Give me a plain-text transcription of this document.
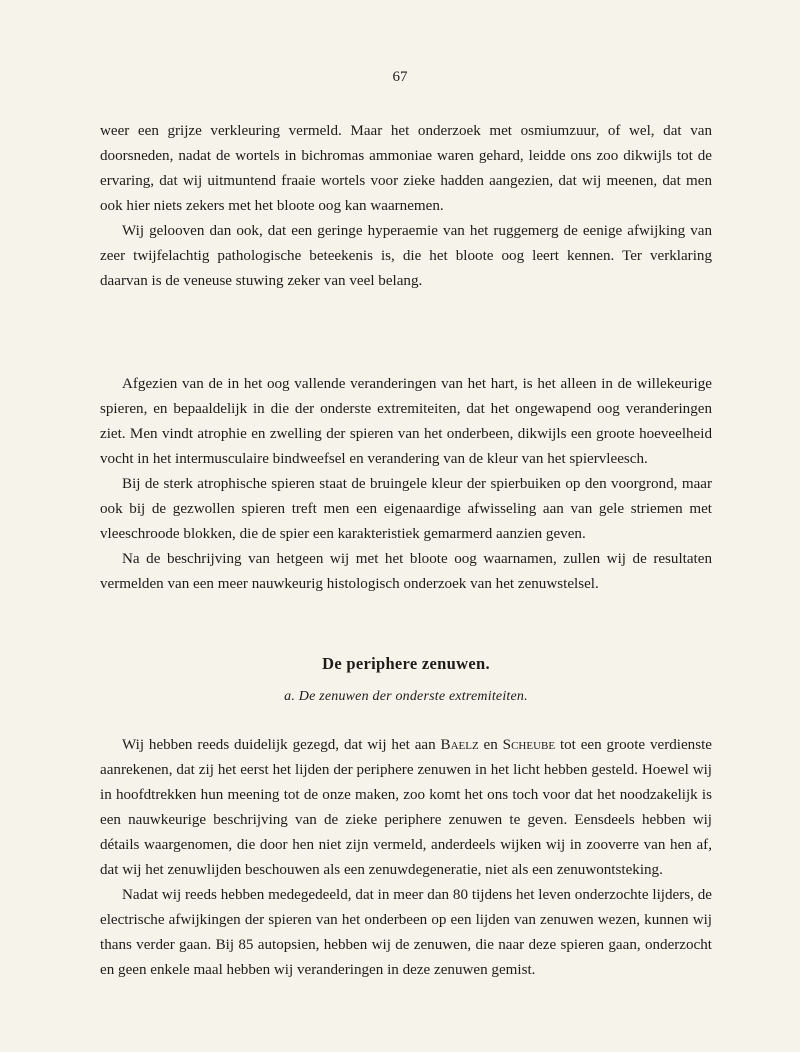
67

weer een grijze verkleuring vermeld. Maar het onderzoek met osmiumzuur, of wel, dat van doorsneden, nadat de wortels in bichromas ammoniae waren gehard, leidde ons zoo dikwijls tot de ervaring, dat wij uitmuntend fraaie wortels voor zieke hadden aangezien, dat wij meenen, dat men ook hier niets zekers met het bloote oog kan waarnemen.

Wij gelooven dan ook, dat een geringe hyperaemie van het ruggemerg de eenige afwijking van zeer twijfelachtig pathologische beteekenis is, die het bloote oog leert kennen. Ter verklaring daarvan is de veneuse stuwing zeker van veel belang.

Afgezien van de in het oog vallende veranderingen van het hart, is het alleen in de willekeurige spieren, en bepaaldelijk in die der onderste extremiteiten, dat het ongewapend oog veranderingen ziet. Men vindt atrophie en zwelling der spieren van het onderbeen, dikwijls een groote hoeveelheid vocht in het intermusculaire bindweefsel en verandering van de kleur van het spiervleesch.

Bij de sterk atrophische spieren staat de bruingele kleur der spierbuiken op den voorgrond, maar ook bij de gezwollen spieren treft men een eigenaardige afwisseling aan van gele striemen met vleeschroode blokken, die de spier een karakteristiek gemarmerd aanzien geven.

Na de beschrijving van hetgeen wij met het bloote oog waarnamen, zullen wij de resultaten vermelden van een meer nauwkeurig histologisch onderzoek van het zenuwstelsel.

De periphere zenuwen.
a. De zenuwen der onderste extremiteiten.

Wij hebben reeds duidelijk gezegd, dat wij het aan Baelz en Scheube tot een groote verdienste aanrekenen, dat zij het eerst het lijden der periphere zenuwen in het licht hebben gesteld. Hoewel wij in hoofdtrekken hun meening tot de onze maken, zoo komt het ons toch voor dat het noodzakelijk is een nauwkeurige beschrijving van de zieke periphere zenuwen te geven. Eensdeels hebben wij détails waargenomen, die door hen niet zijn vermeld, anderdeels wijken wij in zooverre van hen af, dat wij het zenuwlijden beschouwen als een zenuwdegeneratie, niet als een zenuwontsteking.

Nadat wij reeds hebben medegedeeld, dat in meer dan 80 tijdens het leven onderzochte lijders, de electrische afwijkingen der spieren van het onderbeen op een lijden van zenuwen wezen, kunnen wij thans verder gaan. Bij 85 autopsien, hebben wij de zenuwen, die naar deze spieren gaan, onderzocht en geen enkele maal hebben wij veranderingen in deze zenuwen gemist.
